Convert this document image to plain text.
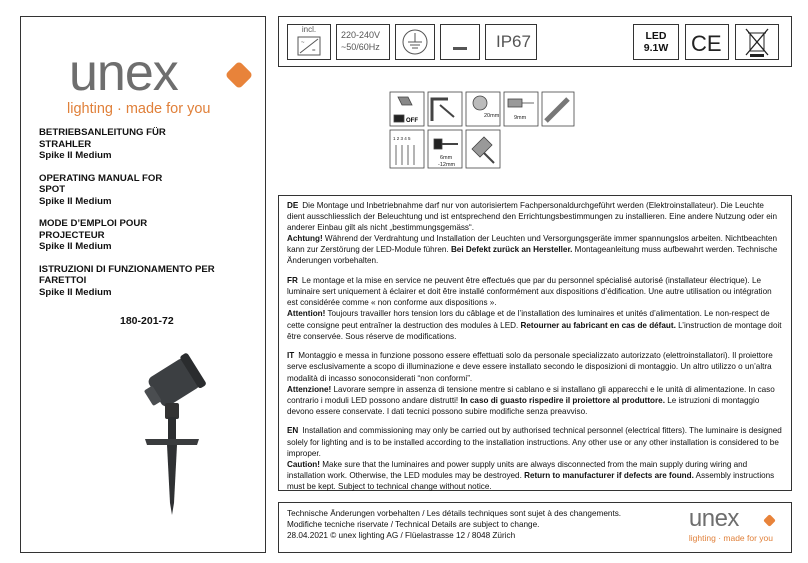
unex
lighting · made for you
BETRIEBSANLEITUNG FÜR
STRAHLER
Spike II Medium
OPERATING MANUAL FOR
SPOT
Spike II Medium
MODE D’EMPLOI POUR
PROJECTEUR
Spike II Medium
ISTRUZIONI DI FUNZIONAMENTO PER
FARETTOI
Spike II Medium
180-201-72
incl.
~
=
220-240V
~50/60Hz	IP67	LED
9.1W	CE
OFF
20mm	9mm
1 2 3 4 5
6mm
-12mm
DE Die Montage und Inbetriebnahme darf nur von autorisiertem Fachpersonaldurchgeführt werden (Elektroinstallateur). Die Leuchte dient ausschliesslich der Beleuchtung und ist entsprechend den Errichtungsbestimmungen zu installieren. Eine andere Nutzung oder ein anderer Einbau gilt als nicht „bestimmungsgemäss“.
Achtung! Während der Verdrahtung und Installation der Leuchten und Versorgungsgeräte immer spannungslos arbeiten. Nichtbeachten kann zur Zerstörung der LED-Module führen. Bei Defekt zurück an Hersteller. Montageanleitung muss aufbewahrt werden. Technische Änderungen vorbehalten.
FR Le montage et la mise en service ne peuvent être effectués que par du personnel spécialisé autorisé (installateur électrique). Le luminaire sert uniquement à éclairer et doit être installé conformément aux dispositions d’édification. Une autre utilisation ou intégration est considérée comme « non conforme aux dispositions ».
Attention! Toujours travailler hors tension lors du câblage et de l’installation des luminaires et unités d’alimentation. Le non-respect de cette consigne peut entraîner la destruction des modules à LED. Retourner au fabricant en cas de défaut. L’instruction de montage doit être conservée. Sous réserve de modifications.
IT Montaggio e messa in funzione possono essere effettuati solo da personale specializzato autorizzato (elettroinstallatori). Il proiettore serve esclusivamente a scopo di illuminazione e deve essere installato secondo le disposizioni di montaggio. Un altro utilizzo o un’altra modalità di incasso sonoconsiderati “non conformi”.
Attenzione! Lavorare sempre in assenza di tensione mentre si cablano e si installano gli apparecchi e le unità di alimentazione. In caso contrario i moduli LED possono andare distrutti! In caso di guasto rispedire il proiettore al produttore. Le istruzioni di montaggio devono essere conservate. I dati tecnici possono subire modifiche senza preavviso.
EN Installation and commissioning may only be carried out by authorised technical personnel (electrical fitters). The luminaire is designed solely for lighting and is to be installed according to the installation instructions. Any other use or any other installation is considered to be improper.
Caution! Make sure that the luminaires and power supply units are always disconnected from the main supply during wiring and installation work. Otherwise, the LED modules may be destroyed. Return to manufacturer if defects are found. Assembly instructions must be kept. Subject to technical change without notice.
Technische Änderungen vorbehalten / Les détails techniques sont sujet à des changements.
Modifiche tecniche riservate / Technical Details are subject to change.
28.04.2021 © unex lighting AG / Flüelastrasse 12 / 8048 Zürich
unex
lighting · made for you
